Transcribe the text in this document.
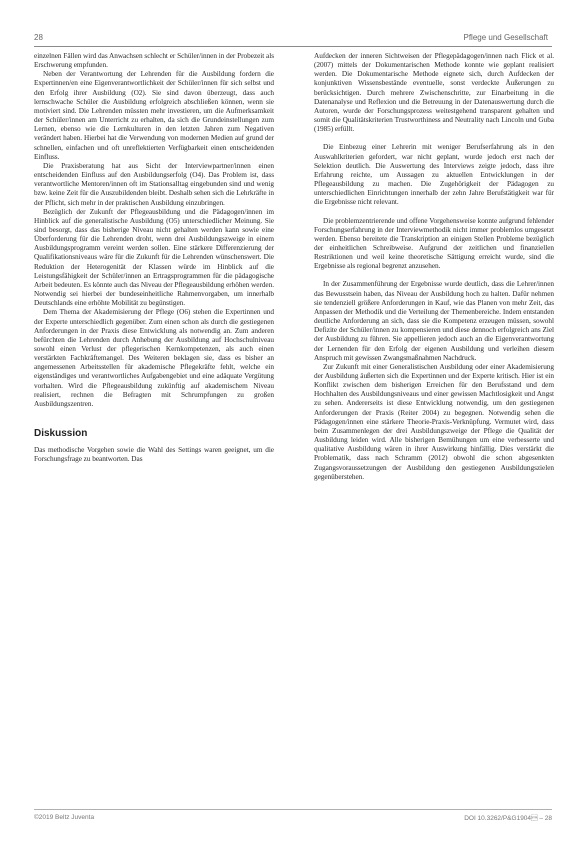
28	Pflege und Gesellschaft

einzelnen Fällen wird das Anwachsen schlecht er Schüler/innen in der Probezeit als Erschwerung empfunden.

Neben der Verantwortung der Lehrenden für die Ausbildung fordern die Expertinnen/en eine Eigenverantwortlichkeit der Schüler/innen für sich selbst und den Erfolg ihrer Ausbildung (O2). Sie sind davon überzeugt, dass auch lernschwache Schüler die Ausbildung erfolgreich abschließen können, wenn sie motiviert sind. Die Lehrenden müssten mehr investieren, um die Aufmerksamkeit der Schüler/innen am Unterricht zu erhalten, da sich die Grundeinstellungen zum Lernen, ebenso wie die Lernkulturen in den letzten Jahren zum Negativen verändert haben. Hierbei hat die Verwendung von modernen Medien auf grund der schnellen, einfachen und oft unreflektierten Verfügbarkeit einen entscheidenden Einfluss.

Die Praxisberatung hat aus Sicht der Interviewpartner/innen einen entscheidenden Einfluss auf den Ausbildungserfolg (O4). Das Problem ist, dass verantwortliche Mentoren/innen oft im Stationsalltag eingebunden sind und wenig bzw. keine Zeit für die Auszubildenden bleibt. Deshalb sehen sich die Lehrkräfte in der Pflicht, sich mehr in der praktischen Ausbildung einzubringen.

Bezüglich der Zukunft der Pflegeausbildung und die Pädagogen/innen im Hinblick auf die generalistische Ausbildung (O5) unterschiedlicher Meinung. Sie sind besorgt, dass das bisherige Niveau nicht gehalten werden kann sowie eine Überforderung für die Lehrenden droht, wenn drei Ausbildungszweige in einem Ausbildungsprogramm vereint werden sollen. Eine stärkere Differenzierung der Qualifikationsniveaus wäre für die Zukunft für die Lehrenden wünschenswert. Die Reduktion der Heterogenität der Klassen würde im Hinblick auf die Leistungsfähigkeit der Schüler/innen an Ertragsprogrammen für die pädagogische Arbeit bedeuten. Es könnte auch das Niveau der Pflegeausbildung erhöhen werden. Notwendig sei hierbei der bundeseinheitliche Rahmenvorgaben, um innerhalb Deutschlands eine erhöhte Mobilität zu begünstigen.

Dem Thema der Akademisierung der Pflege (O6) stehen die Expertinnen und der Experte unterschiedlich gegenüber. Zum einen schon als durch die gestiegenen Anforderungen in der Praxis diese Entwicklung als notwendig an. Zum anderen befürchten die Lehrenden durch Anhebung der Ausbildung auf Hochschulniveau sowohl einen Verlust der pflegerischen Kernkompetenzen, als auch einen verstärkten Fachkräftemangel. Des Weiteren beklagen sie, dass es bisher an angemessenen Arbeitsstellen für akademische Pflegekräfte fehlt, welche ein eigenständiges und verantwortliches Aufgabengebiet und eine adäquate Vergütung vorhalten. Wird die Pflegeausbildung zukünftig auf akademischem Niveau realisiert, rechnen die Befragten mit Schrumpfungen zu großen Ausbildungszentren.

Diskussion

Das methodische Vorgehen sowie die Wahl des Settings waren geeignet, um die Forschungsfrage zu beantworten. Das

Aufdecken der inneren Sichtweisen der Pflegepädagogen/innen nach Flick et al. (2007) mittels der Dokumentarischen Methode konnte wie geplant realisiert werden. Die Dokumentarische Methode eignete sich, durch Aufdecken der konjunktiven Wissensbestände eventuelle, sonst verdeckte Äußerungen zu berücksichtigen. Durch mehrere Zwischenschritte, zur Einarbeitung in die Datenanalyse und Reflexion und die Betreuung in der Datenauswertung durch die Autoren, wurde der Forschungsprozess weitestgehend transparent gehalten und somit die Qualitätskriterien Trustworthiness and Neutrality nach Lincoln und Guba (1985) erfüllt.

Die Einbezug einer Lehrerin mit weniger Berufserfahrung als in den Auswahlkriterien gefordert, war nicht geplant, wurde jedoch erst nach der Selektion deutlich. Die Auswertung des Interviews zeigte jedoch, dass ihre Erfahrung reichte, um Aussagen zu aktuellen Entwicklungen in der Pflegeausbildung zu machen. Die Zugehörigkeit der Pädagogen zu unterschiedlichen Einrichtungen innerhalb der zehn Jahre Berufstätigkeit war für die Ergebnisse nicht relevant.

Die problemzentrierende und offene Vorgehensweise konnte aufgrund fehlender Forschungserfahrung in der Interviewmethodik nicht immer problemlos umgesetzt werden. Ebenso bereitete die Transkription an einigen Stellen Probleme bezüglich der einheitlichen Schreibweise. Aufgrund der zeitlichen und finanziellen Restriktionen und weil keine theoretische Sättigung erreicht wurde, sind die Ergebnisse als regional begrenzt anzusehen.

In der Zusammenführung der Ergebnisse wurde deutlich, dass die Lehrer/innen das Bewusstsein haben, das Niveau der Ausbildung hoch zu halten. Dafür nehmen sie tendenziell größere Anforderungen in Kauf, wie das Planen von mehr Zeit, das Anpassen der Methodik und die Verteilung der Themenbereiche. Indem entstanden deutliche Anforderung an sich, dass sie die Kompetenz erzeugen müssen, sowohl Defizite der Schüler/innen zu kompensieren und diese dennoch erfolgreich ans Ziel der Ausbildung zu führen. Sie appellieren jedoch auch an die Eigenverantwortung der Lernenden für den Erfolg der eigenen Ausbildung und verleihen diesem Anspruch mit gewissen Zwangsmaßnahmen Nachdruck.

Zur Zukunft mit einer Generalistischen Ausbildung oder einer Akademisierung der Ausbildung äußerten sich die Expertinnen und der Experte kritisch. Hier ist ein Konflikt zwischen dem bisherigen Erreichen für den Berufsstand und dem Hochhalten des Ausbildungsniveaus und einer gewissen Machtlosigkeit und Angst zu sehen. Andererseits ist diese Entwicklung notwendig, um den gestiegenen Anforderungen der Praxis (Reiter 2004) zu begegnen. Notwendig sehen die Pädagogen/innen eine stärkere Theorie-Praxis-Verknüpfung. Vermutet wird, dass beim Zusammenlegen der drei Ausbildungszweige der Pflege die Qualität der Ausbildung leiden wird. Alle bisherigen Bemühungen um eine verbesserte und qualitative Ausbildung wären in ihrer Auswirkung hinfällig. Dies verstärkt die Problematik, dass nach Schramm (2012) obwohl die schon abgesenkten Zugangsvoraussetzungen der Ausbildung den gestiegenen Ausbildungszielen gegenüberstehen.

©2019 Beltz Juventa	DOI 10.3262/P&G1904 – 28
